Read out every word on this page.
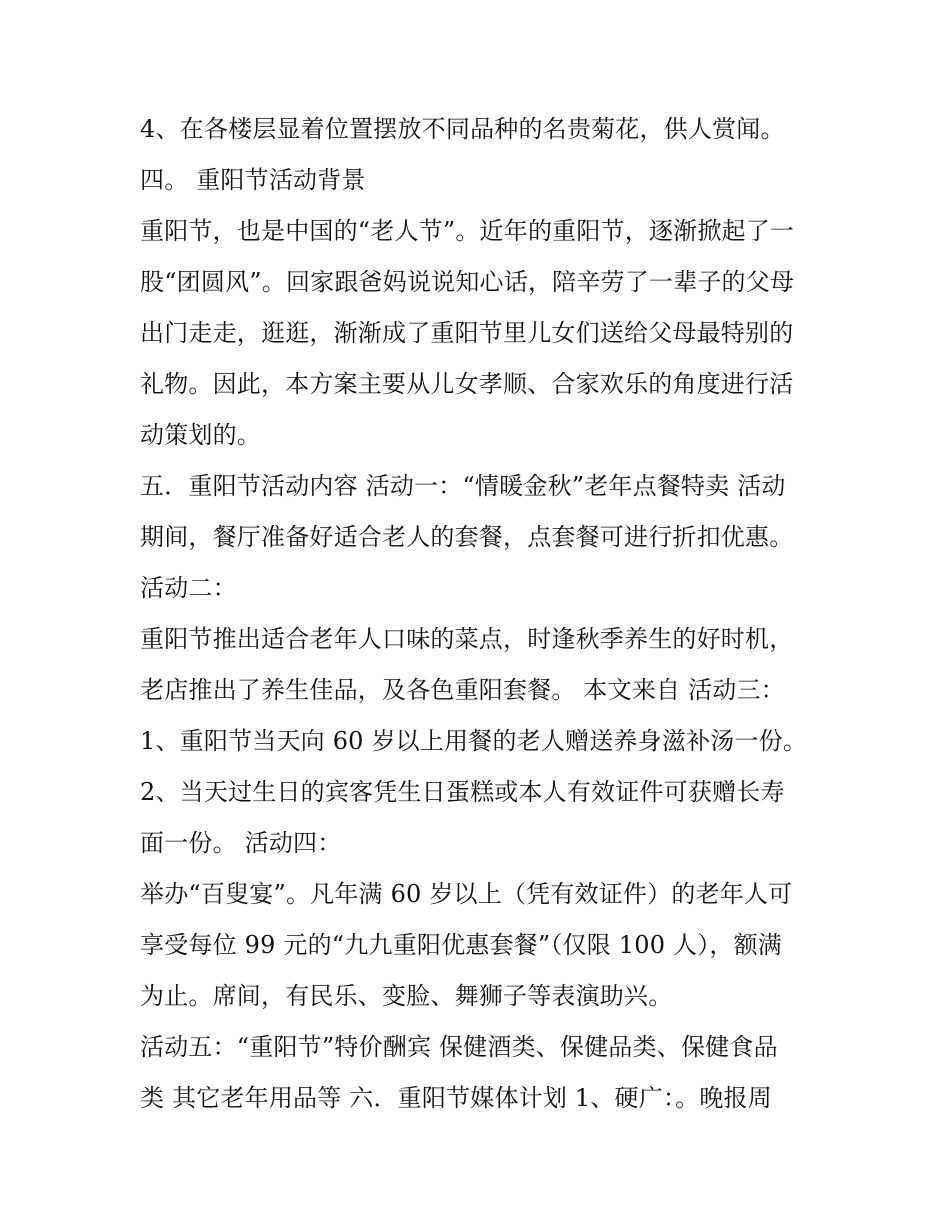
4、在各楼层显着位置摆放不同品种的名贵菊花，供人赏闻。
四。 重阳节活动背景
重阳节，也是中国的“老人节”。近年的重阳节，逐渐掀起了一
股“团圆风”。回家跟爸妈说说知心话，陪辛劳了一辈子的父母
出门走走，逛逛，渐渐成了重阳节里儿女们送给父母最特别的
礼物。因此，本方案主要从儿女孝顺、合家欢乐的角度进行活
动策划的。
五．重阳节活动内容 活动一：“情暖金秋”老年点餐特卖 活动
期间，餐厅准备好适合老人的套餐，点套餐可进行折扣优惠。
活动二：
重阳节推出适合老年人口味的菜点，时逢秋季养生的好时机，
老店推出了养生佳品，及各色重阳套餐。 本文来自 活动三：
1、重阳节当天向 60 岁以上用餐的老人赠送养身滋补汤一份。
2、当天过生日的宾客凭生日蛋糕或本人有效证件可获赠长寿
面一份。 活动四：
举办“百叟宴”。凡年满 60 岁以上（凭有效证件）的老年人可
享受每位 99 元的“九九重阳优惠套餐”（仅限 100 人），额满
为止。席间，有民乐、变脸、舞狮子等表演助兴。
活动五：“重阳节”特价酬宾 保健酒类、保健品类、保健食品
类 其它老年用品等 六．重阳节媒体计划 1、硬广：。晚报周
